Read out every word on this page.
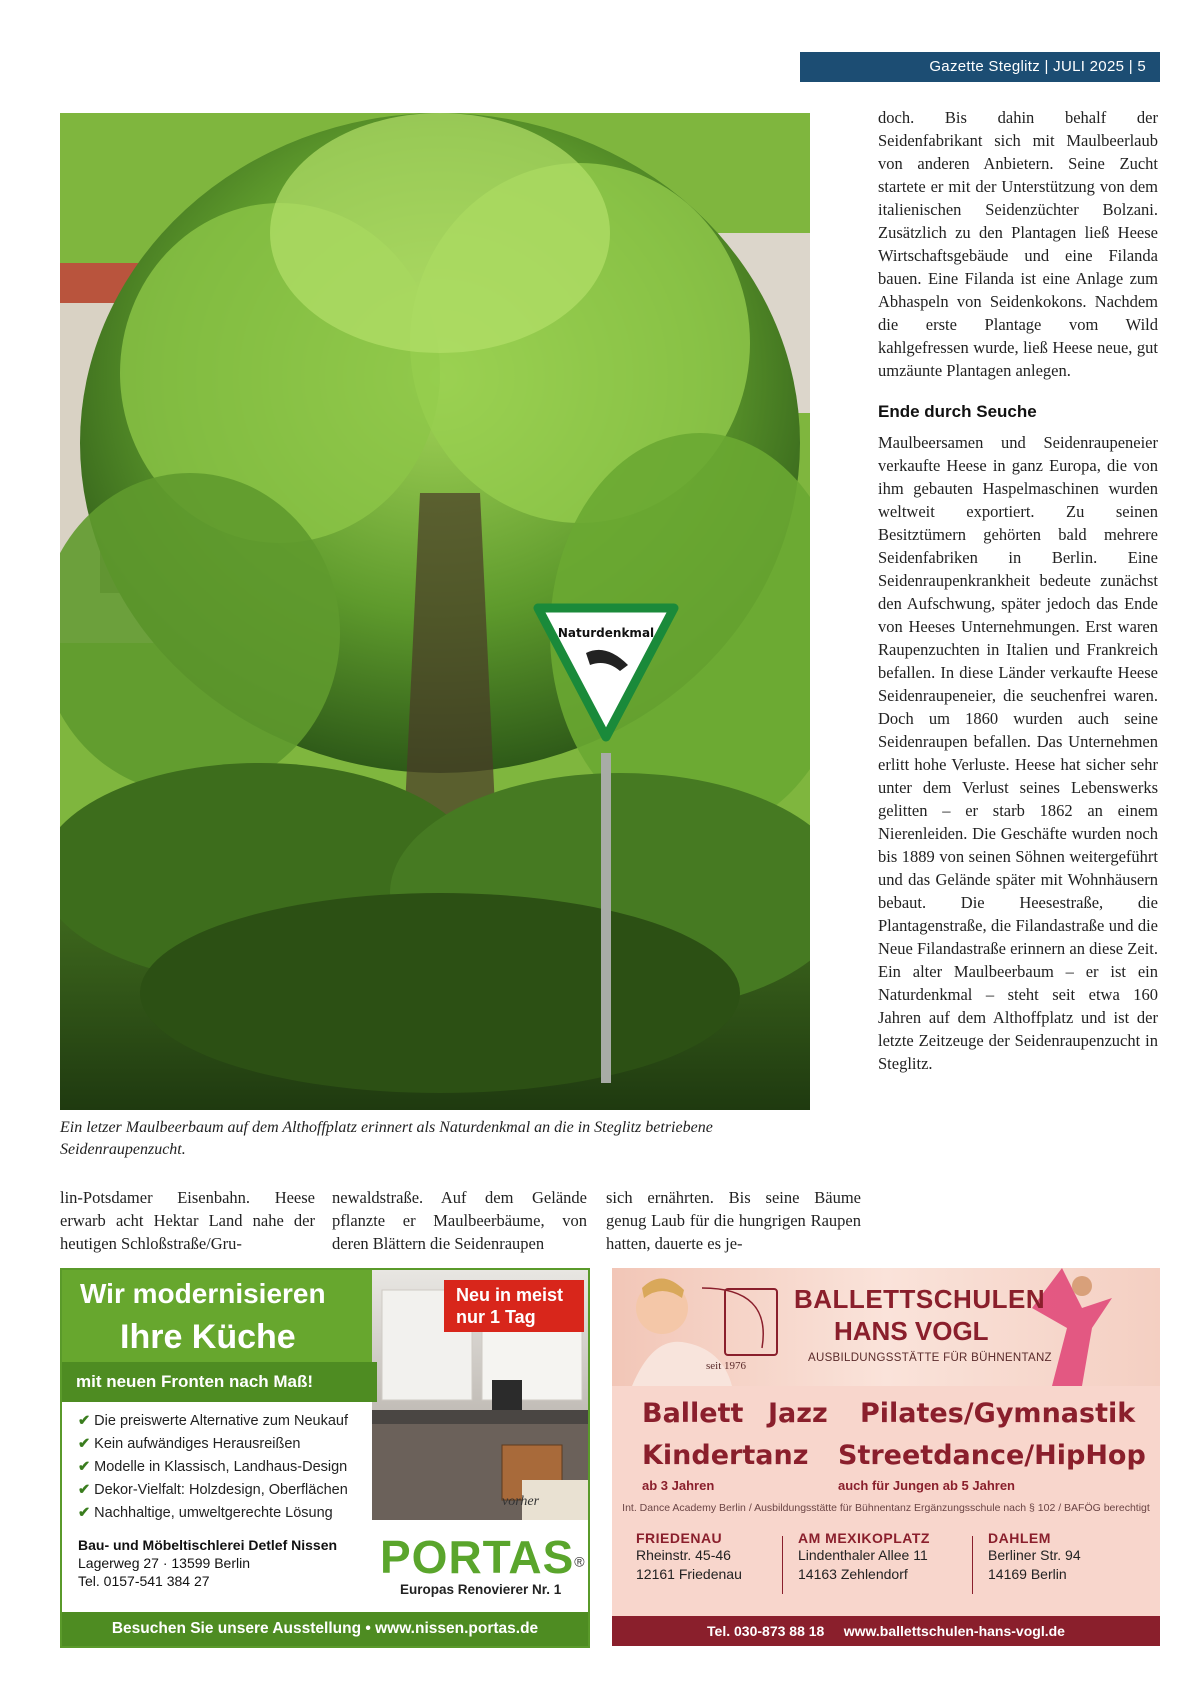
Gazette Steglitz | JULI 2025 | 5
Naturdenkmal
Ein letzer Maulbeerbaum auf dem Althoffplatz erinnert als Naturdenkmal an die in Steglitz betriebene Seidenraupenzucht.
lin-Potsdamer Eisenbahn. Heese erwarb acht Hektar Land nahe der heutigen Schloßstraße/Gru-
newaldstraße. Auf dem Gelände pflanzte er Maulbeerbäume, von deren Blättern die Seidenraupen
sich ernährten. Bis seine Bäume genug Laub für die hungrigen Raupen hatten, dauerte es je-

doch. Bis dahin behalf der Seidenfabrikant sich mit Maulbeerlaub von anderen Anbietern. Seine Zucht startete er mit der Unterstützung von dem italienischen Seidenzüchter Bolzani. Zusätzlich zu den Plantagen ließ Heese Wirtschaftsgebäude und eine Filanda bauen. Eine Filanda ist eine Anlage zum Abhaspeln von Seidenkokons. Nachdem die erste Plantage vom Wild kahlgefressen wurde, ließ Heese neue, gut umzäunte Plantagen anlegen.

Ende durch Seuche

Maulbeersamen und Seidenraupeneier verkaufte Heese in ganz Europa, die von ihm gebauten Haspelmaschinen wurden weltweit exportiert. Zu seinen Besitztümern gehörten bald mehrere Seidenfabriken in Berlin. Eine Seidenraupenkrankheit bedeute zunächst den Aufschwung, später jedoch das Ende von Heeses Unternehmungen. Erst waren Raupenzuchten in Italien und Frankreich befallen. In diese Länder verkaufte Heese Seidenraupeneier, die seuchenfrei waren. Doch um 1860 wurden auch seine Seidenraupen befallen. Das Unternehmen erlitt hohe Verluste. Heese hat sicher sehr unter dem Verlust seines Lebenswerks gelitten – er starb 1862 an einem Nierenleiden. Die Geschäfte wurden noch bis 1889 von seinen Söhnen weitergeführt und das Gelände später mit Wohnhäusern bebaut. Die Heesestraße, die Plantagenstraße, die Filandastraße und die Neue Filandastraße erinnern an diese Zeit. Ein alter Maulbeerbaum – er ist ein Naturdenkmal – steht seit etwa 160 Jahren auf dem Althoffplatz und ist der letzte Zeitzeuge der Seidenraupenzucht in Steglitz.

Wir modernisieren
Ihre Küche
mit neuen Fronten nach Maß!
Neu in meist nur 1 Tag
✔ Die preiswerte Alternative zum Neukauf
✔ Kein aufwändiges Herausreißen
✔ Modelle in Klassisch, Landhaus-Design
✔ Dekor-Vielfalt: Holzdesign, Oberflächen
✔ Nachhaltige, umweltgerechte Lösung
vorher
Bau- und Möbeltischlerei Detlef Nissen
Lagerweg 27 · 13599 Berlin
Tel. 0157-541 384 27	PORTAS®
Europas Renovierer Nr. 1
Besuchen Sie unsere Ausstellung • www.nissen.portas.de
seit 1976
BALLETTSCHULEN
HANS VOGL
AUSBILDUNGSSTÄTTE FÜR BÜHNENTANZ
Ballett Jazz Pilates/Gymnastik
Kindertanz Streetdance/HipHop
ab 3 Jahren	auch für Jungen ab 5 Jahren
Int. Dance Academy Berlin / Ausbildungsstätte für Bühnentanz Ergänzungsschule nach § 102 / BAFÖG berechtigt
FRIEDENAU
Rheinstr. 45-46
12161 Friedenau
AM MEXIKOPLATZ
Lindenthaler Allee 11
14163 Zehlendorf
DAHLEM
Berliner Str. 94
14169 Berlin
Tel. 030-873 88 18     www.ballettschulen-hans-vogl.de
